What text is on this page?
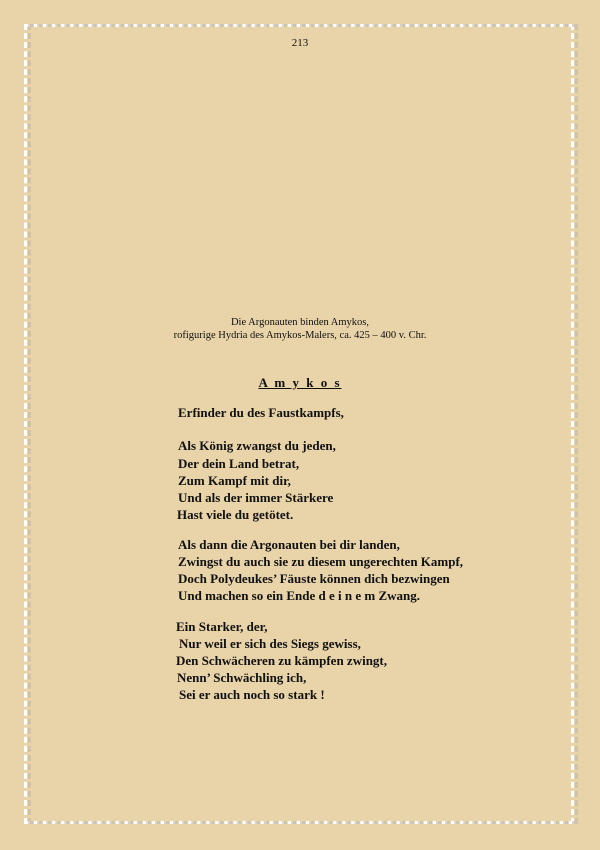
213
Die Argonauten binden Amykos,
rofigurige Hydria des Amykos-Malers, ca. 425 – 400 v. Chr.
A m y k o s
Erfinder du des Faustkampfs,
Als König zwangst du jeden,
Der dein Land betrat,
Zum Kampf mit dir,
Und als der immer Stärkere
Hast viele du getötet.
Als dann die Argonauten bei dir landen,
Zwingst du auch sie zu diesem ungerechten Kampf,
Doch Polydeukes’ Fäuste können dich bezwingen
Und machen so ein Ende d e i n e m Zwang.
Ein Starker, der,
Nur weil er sich des Siegs gewiss,
Den Schwächeren zu kämpfen zwingt,
Nenn’ Schwächling ich,
Sei er auch noch so stark !
